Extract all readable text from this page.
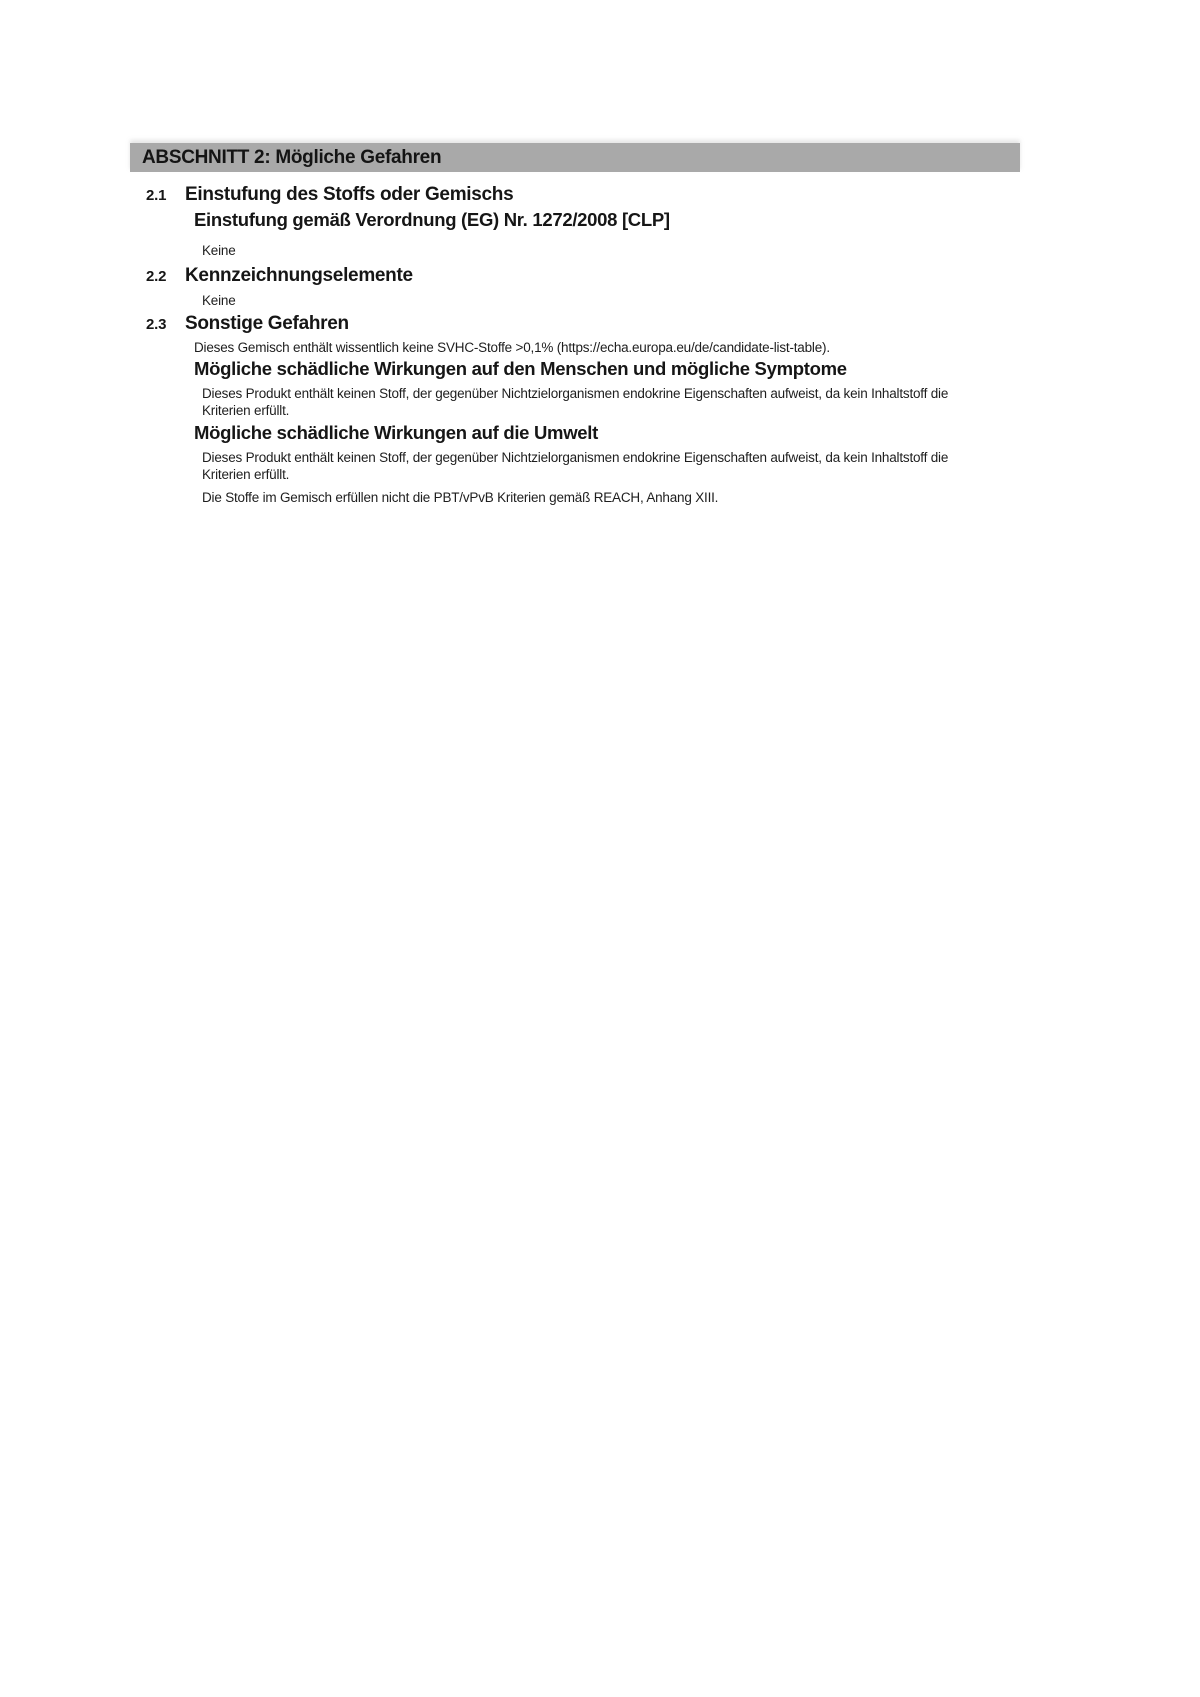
ABSCHNITT 2: Mögliche Gefahren
2.1 Einstufung des Stoffs oder Gemischs
Einstufung gemäß Verordnung (EG) Nr. 1272/2008 [CLP]
Keine
2.2 Kennzeichnungselemente
Keine
2.3 Sonstige Gefahren
Dieses Gemisch enthält wissentlich keine SVHC-Stoffe >0,1% (https://echa.europa.eu/de/candidate-list-table).
Mögliche schädliche Wirkungen auf den Menschen und mögliche Symptome
Dieses Produkt enthält keinen Stoff, der gegenüber Nichtzielorganismen endokrine Eigenschaften aufweist, da kein Inhaltstoff die Kriterien erfüllt.
Mögliche schädliche Wirkungen auf die Umwelt
Dieses Produkt enthält keinen Stoff, der gegenüber Nichtzielorganismen endokrine Eigenschaften aufweist, da kein Inhaltstoff die Kriterien erfüllt.
Die Stoffe im Gemisch erfüllen nicht die PBT/vPvB Kriterien gemäß REACH, Anhang XIII.
